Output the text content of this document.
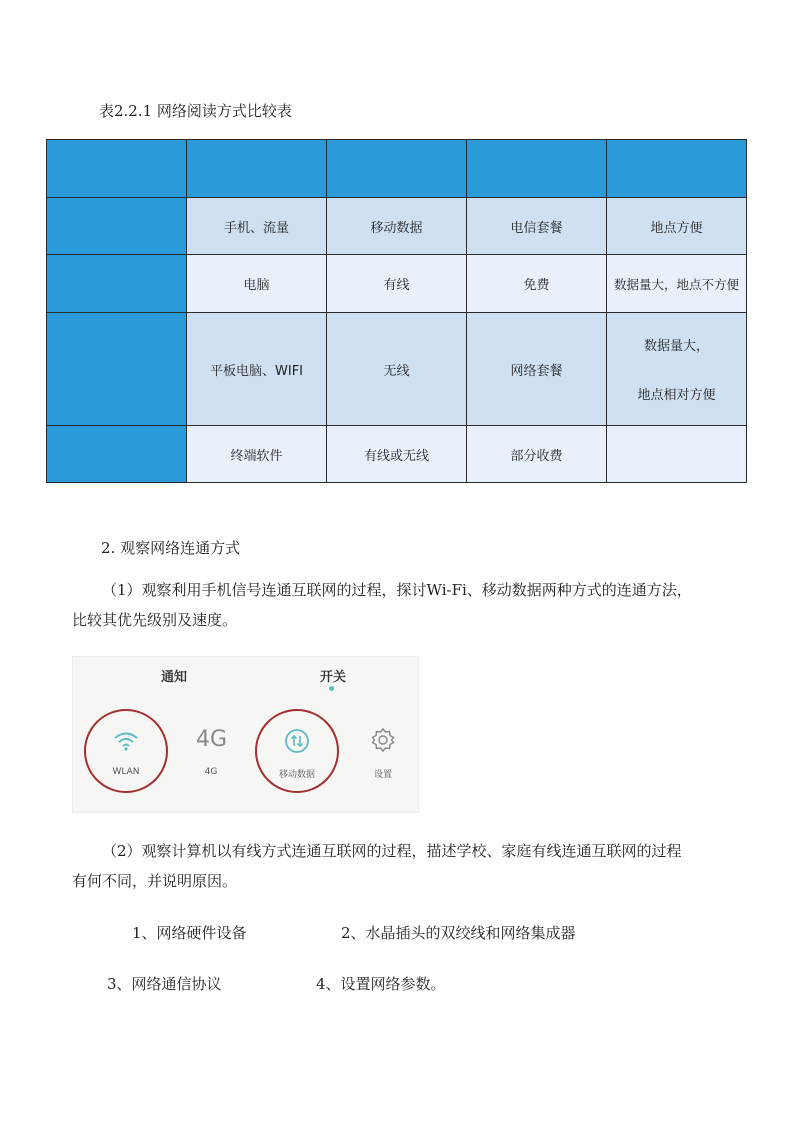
表2.2.1 网络阅读方式比较表

	手机、流量	移动数据	电信套餐	地点方便
	电脑	有线	免费	数据量大，地点不方便
	平板电脑、WIFI	无线	网络套餐	数据量大，
地点相对方便

	终端软件	有线或无线	部分收费	
2. 观察网络连通方式
（1）观察利用手机信号连通互联网的过程，探讨Wi-Fi、移动数据两种方式的连通方法，
比较其优先级别及速度。
通知	开关
WLAN
4G
4G	移动数据	设置
（2）观察计算机以有线方式连通互联网的过程，描述学校、家庭有线连通互联网的过程
有何不同，并说明原因。
1、网络硬件设备	2、水晶插头的双绞线和网络集成器
3、网络通信协议	4、设置网络参数。
